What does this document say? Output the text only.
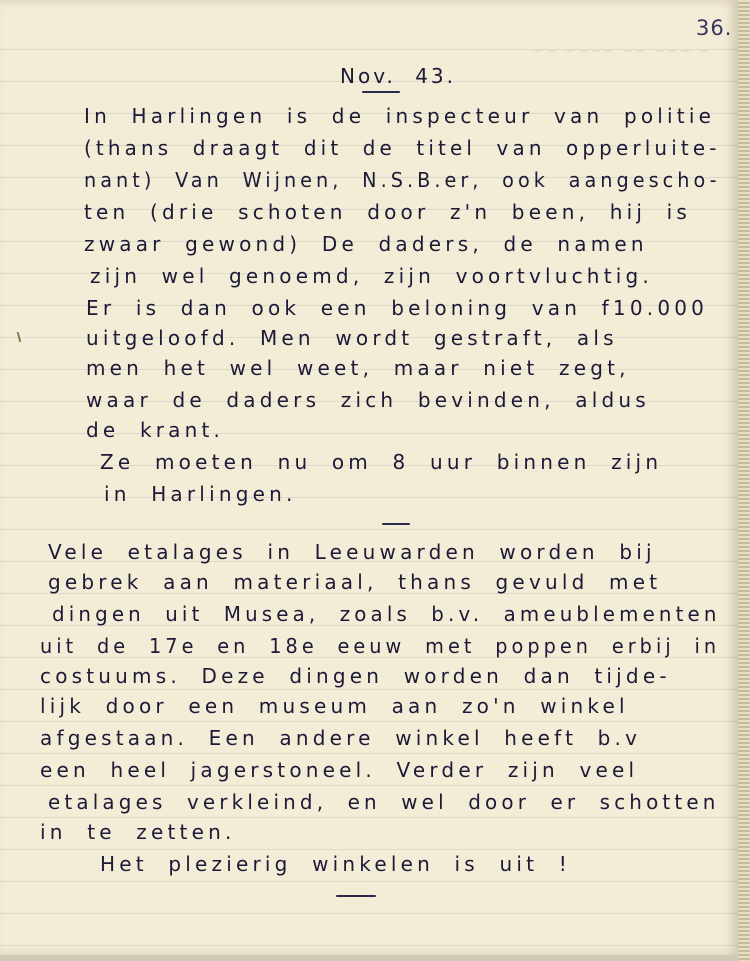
~ ~~~ ~~ ~~~~ ~~
36.
Nov. 43.
In Harlingen is de inspecteur van politie
(thans draagt dit de titel van opperluite-
nant) Van Wijnen, N.S.B.er, ook aangescho-
ten (drie schoten door z'n been, hij is
zwaar gewond) De daders, de namen
zijn wel genoemd, zijn voortvluchtig.
Er is dan ook een beloning van f10.000
uitgeloofd. Men wordt gestraft, als
men het wel weet, maar niet zegt,
waar de daders zich bevinden, aldus
de krant.
Ze moeten nu om 8 uur binnen zijn
in Harlingen.
Vele etalages in Leeuwarden worden bij
gebrek aan materiaal, thans gevuld met
dingen uit Musea, zoals b.v. ameublementen
uit de 17e en 18e eeuw met poppen erbij in
costuums. Deze dingen worden dan tijde-
lijk door een museum aan zo'n winkel
afgestaan. Een andere winkel heeft b.v
een heel jagerstoneel. Verder zijn veel
etalages verkleind, en wel door er schotten
in te zetten.
Het plezierig winkelen is uit !
